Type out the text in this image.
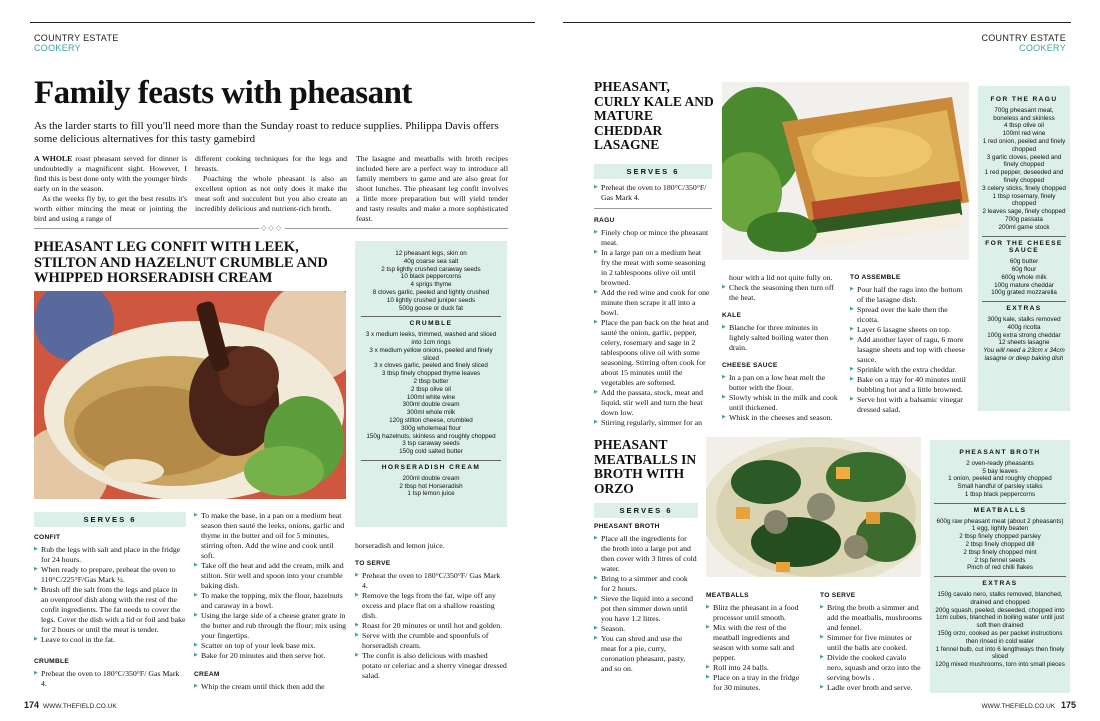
COUNTRY ESTATE
COOKERY
COUNTRY ESTATE
COOKERY
Family feasts with pheasant
As the larder starts to fill you'll need more than the Sunday roast to reduce supplies. Philippa Davis offers some delicious alternatives for this tasty gamebird

A WHOLE roast pheasant served for dinner is undoubtedly a magnificent sight. However, I find this is best done only with the younger birds early on in the season.

As the weeks fly by, to get the best results it's worth either mincing the meat or jointing the bird and using a range of

different cooking techniques for the legs and breasts.

Poaching the whole pheasant is also an excellent option as not only does it make the meat soft and succulent but you also create an incredibly delicious and nutrient-rich broth.

The lasagne and meatballs with broth recipes included here are a perfect way to introduce all family members to game and are also great for shoot lunches. The pheasant leg confit involves a little more preparation but will yield tender and tasty results and make a more sophisticated feast.

◇◇◇
PHEASANT LEG CONFIT WITH LEEK, STILTON AND HAZELNUT CRUMBLE AND WHIPPED HORSERADISH CREAM
12 pheasant legs, skin on
40g coarse sea salt
2 tsp lightly crushed caraway seeds
10 black peppercorns
4 sprigs thyme
8 cloves garlic, peeled and lightly crushed
10 lightly crushed juniper seeds
500g goose or duck fat
CRUMBLE
3 x medium leeks, trimmed, washed and sliced into 1cm rings
3 x medium yellow onions, peeled and finely sliced
3 x cloves garlic, peeled and finely sliced
3 tbsp finely chopped thyme leaves
2 tbsp butter
2 tbsp olive oil
100ml white wine
300ml double cream
300ml whole milk
120g stilton cheese, crumbled
300g wholemeal flour
150g hazelnuts, skinless and roughly chopped
3 tsp caraway seeds
150g cold salted butter
HORSERADISH CREAM
200ml double cream
2 tbsp hot Horseradish
1 tsp lemon juice
SERVES 6
CONFIT
▶ Rub the legs with salt and place in the fridge for 24 hours.
▶ When ready to prepare, preheat the oven to 110°C/225°F/Gas Mark ¼.
▶ Brush off the salt from the legs and place in an ovenproof dish along with the rest of the confit ingredients. The fat needs to cover the legs. Cover the dish with a lid or foil and bake for 2 hours or until the meat is tender.
▶ Leave to cool in the fat.
CRUMBLE
▶ Preheat the oven to 180°C/350°F/ Gas Mark 4.
▶ To make the base, in a pan on a medium heat season then sauté the leeks, onions, garlic and thyme in the butter and oil for 5 minutes, stirring often. Add the wine and cook until soft.
▶ Take off the heat and add the cream, milk and stilton. Stir well and spoon into your crumble baking dish.
▶ To make the topping, mix the flour, hazelnuts and caraway in a bowl.
▶ Using the large side of a cheese grater grate in the butter and rub through the flour; mix using your fingertips.
▶ Scatter on top of your leek base mix.
▶ Bake for 20 minutes and then serve hot.
CREAM
▶ Whip the cream until thick then add the
horseradish and lemon juice.
TO SERVE
▶ Preheat the oven to 180°C/350°F/ Gas Mark 4.
▶ Remove the legs from the fat, wipe off any excess and place flat on a shallow roasting dish.
▶ Roast for 20 minutes or until hot and golden.
▶ Serve with the crumble and spoonfuls of horseradish cream.
▶ The confit is also delicious with mashed potato or celeriac and a sherry vinegar dressed salad.
174 WWW.THEFIELD.CO.UK
PHEASANT, CURLY KALE AND MATURE CHEDDAR LASAGNE
SERVES 6
▶ Preheat the oven to 180°C/350°F/ Gas Mark 4.
RAGU
▶ Finely chop or mince the pheasant meat.
▶ In a large pan on a medium heat fry the meat with some seasoning in 2 tablespoons olive oil until browned.
▶ Add the red wine and cook for one minute then scrape it all into a bowl.
▶ Place the pan back on the heat and sauté the onion, garlic, pepper, celery, rosemary and sage in 2 tablespoons olive oil with some seasoning. Stirring often cook for about 15 minutes until the vegetables are softened.
▶ Add the passata, stock, meat and liquid, stir well and turn the heat down low.
▶ Stirring regularly, simmer for an
hour with a lid not quite fully on.
▶ Check the seasoning then turn off the heat.
KALE
▶ Blanche for three minutes in lightly salted boiling water then drain.
CHEESE SAUCE
▶ In a pan on a low heat melt the butter with the flour.
▶ Slowly whisk in the milk and cook until thickened.
▶ Whisk in the cheeses and season.
TO ASSEMBLE
▶ Pour half the ragu into the bottom of the lasagne dish.
▶ Spread over the kale then the ricotta.
▶ Layer 6 lasagne sheets on top.
▶ Add another layer of ragu, 6 more lasagne sheets and top with cheese sauce.
▶ Sprinkle with the extra cheddar.
▶ Bake on a tray for 40 minutes until bubbling hot and a little browned.
▶ Serve hot with a balsamic vinegar dressed salad.
FOR THE RAGU
700g pheasant meat, boneless and skinless
4 tbsp olive oil
100ml red wine
1 red onion, peeled and finely chopped
3 garlic cloves, peeled and finely chopped
1 red pepper, deseeded and finely chopped
3 celery sticks, finely chopped
1 tbsp rosemary, finely chopped
2 leaves sage, finely chopped
700g passata
200ml game stock
FOR THE CHEESE SAUCE
60g butter
60g flour
600g whole milk
100g mature cheddar
100g grated mozzarella
EXTRAS
300g kale, stalks removed
400g ricotta
100g extra strong cheddar
12 sheets lasagne
You will need a 23cm x 34cm lasagne or deep baking dish
PHEASANT MEATBALLS IN BROTH WITH ORZO
SERVES 6
PHEASANT BROTH
▶ Place all the ingredients for the broth into a large pot and then cover with 3 litres of cold water.
▶ Bring to a simmer and cook for 2 hours.
▶ Sieve the liquid into a second pot then simmer down until you have 1.2 litres.
▶ Season.
▶ You can shred and use the meat for a pie, curry, coronation pheasant, pasty, and so on.
MEATBALLS
▶ Blitz the pheasant in a food processor until smooth.
▶ Mix with the rest of the meatball ingredients and season with some salt and pepper.
▶ Roll into 24 balls.
▶ Place on a tray in the fridge for 30 minutes.
TO SERVE
▶ Bring the broth a simmer and add the meatballs, mushrooms and fennel.
▶ Simmer for five minutes or until the balls are cooked.
▶ Divide the cooked cavalo nero, squash and orzo into the serving bowls .
▶ Ladle over broth and serve.
PHEASANT BROTH
2 oven-ready pheasants
5 bay leaves
1 onion, peeled and roughly chopped
Small handful of parsley stalks
1 tbsp black peppercorns
MEATBALLS
600g raw pheasant meat (about 2 pheasants)
1 egg, lightly beaten
2 tbsp finely chopped parsley
2 tbsp finely chopped dill
2 tbsp finely chopped mint
2 tsp fennel seeds
Pinch of red chilli flakes
EXTRAS
150g cavalo nero, stalks removed, blanched, drained and chopped
200g squash, peeled, deseeded, chopped into 1cm cubes, blanched in boiling water until just soft then drained
150g orzo, cooked as per packet instructions then rinsed in cold water
1 fennel bulb, cut into 6 lengthways then finely sliced
120g mixed mushrooms, torn into small pieces
WWW.THEFIELD.CO.UK 175
